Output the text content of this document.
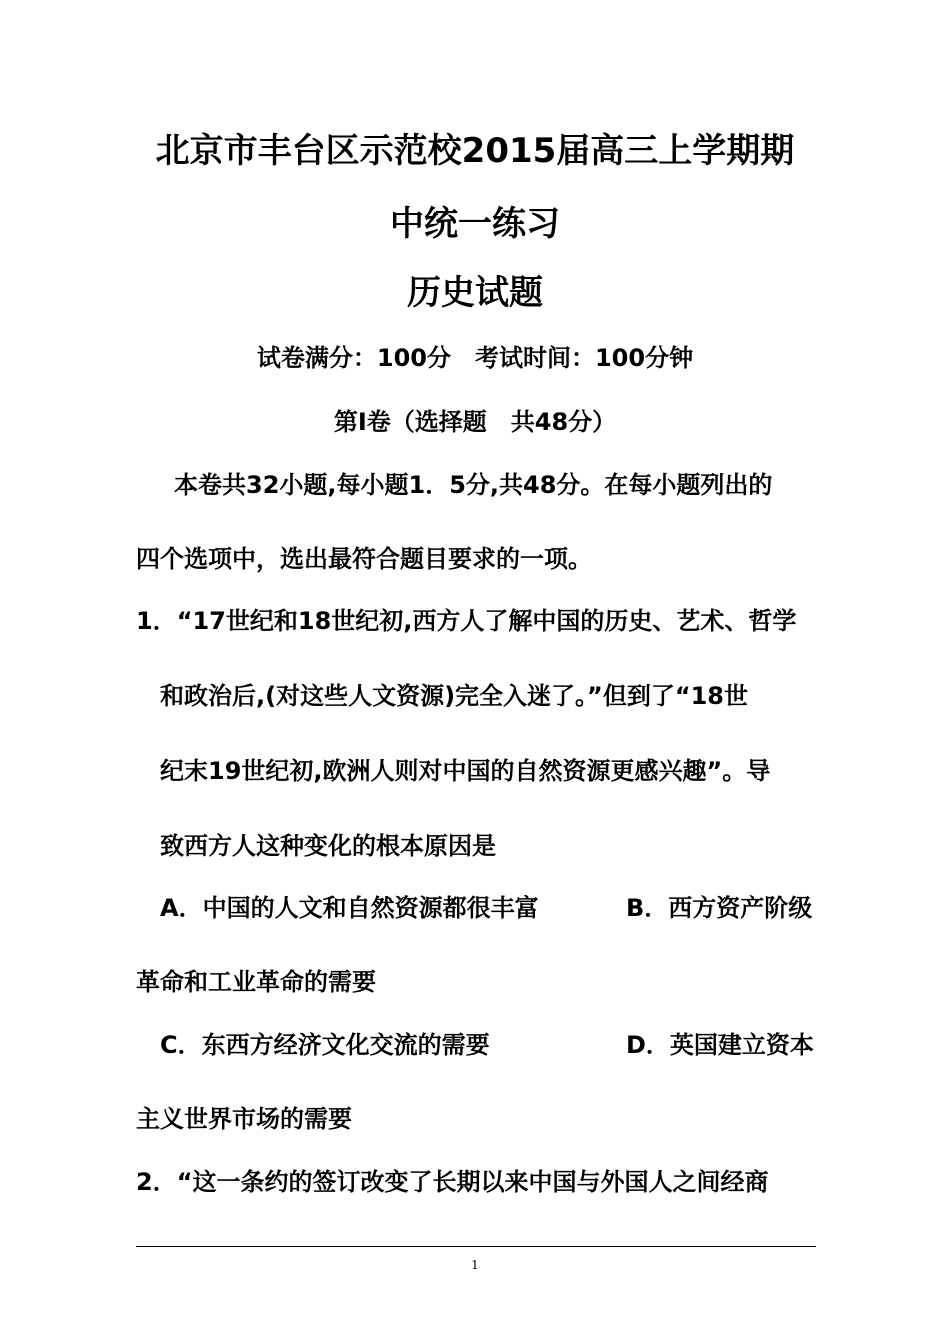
北京市丰台区示范校2015届高三上学期期
中统一练习
历史试题
试卷满分：100分　考试时间：100分钟
第Ⅰ卷（选择题　共48分）
本卷共32小题,每小题1．5分,共48分。在每小题列出的
四个选项中，选出最符合题目要求的一项。
1．“17世纪和18世纪初,西方人了解中国的历史、艺术、哲学
和政治后,(对这些人文资源)完全入迷了。”但到了“18世
纪末19世纪初,欧洲人则对中国的自然资源更感兴趣”。导
致西方人这种变化的根本原因是
A．中国的人文和自然资源都很丰富	B．西方资产阶级
革命和工业革命的需要
C．东西方经济文化交流的需要	D．英国建立资本
主义世界市场的需要
2．“这一条约的签订改变了长期以来中国与外国人之间经商
1
